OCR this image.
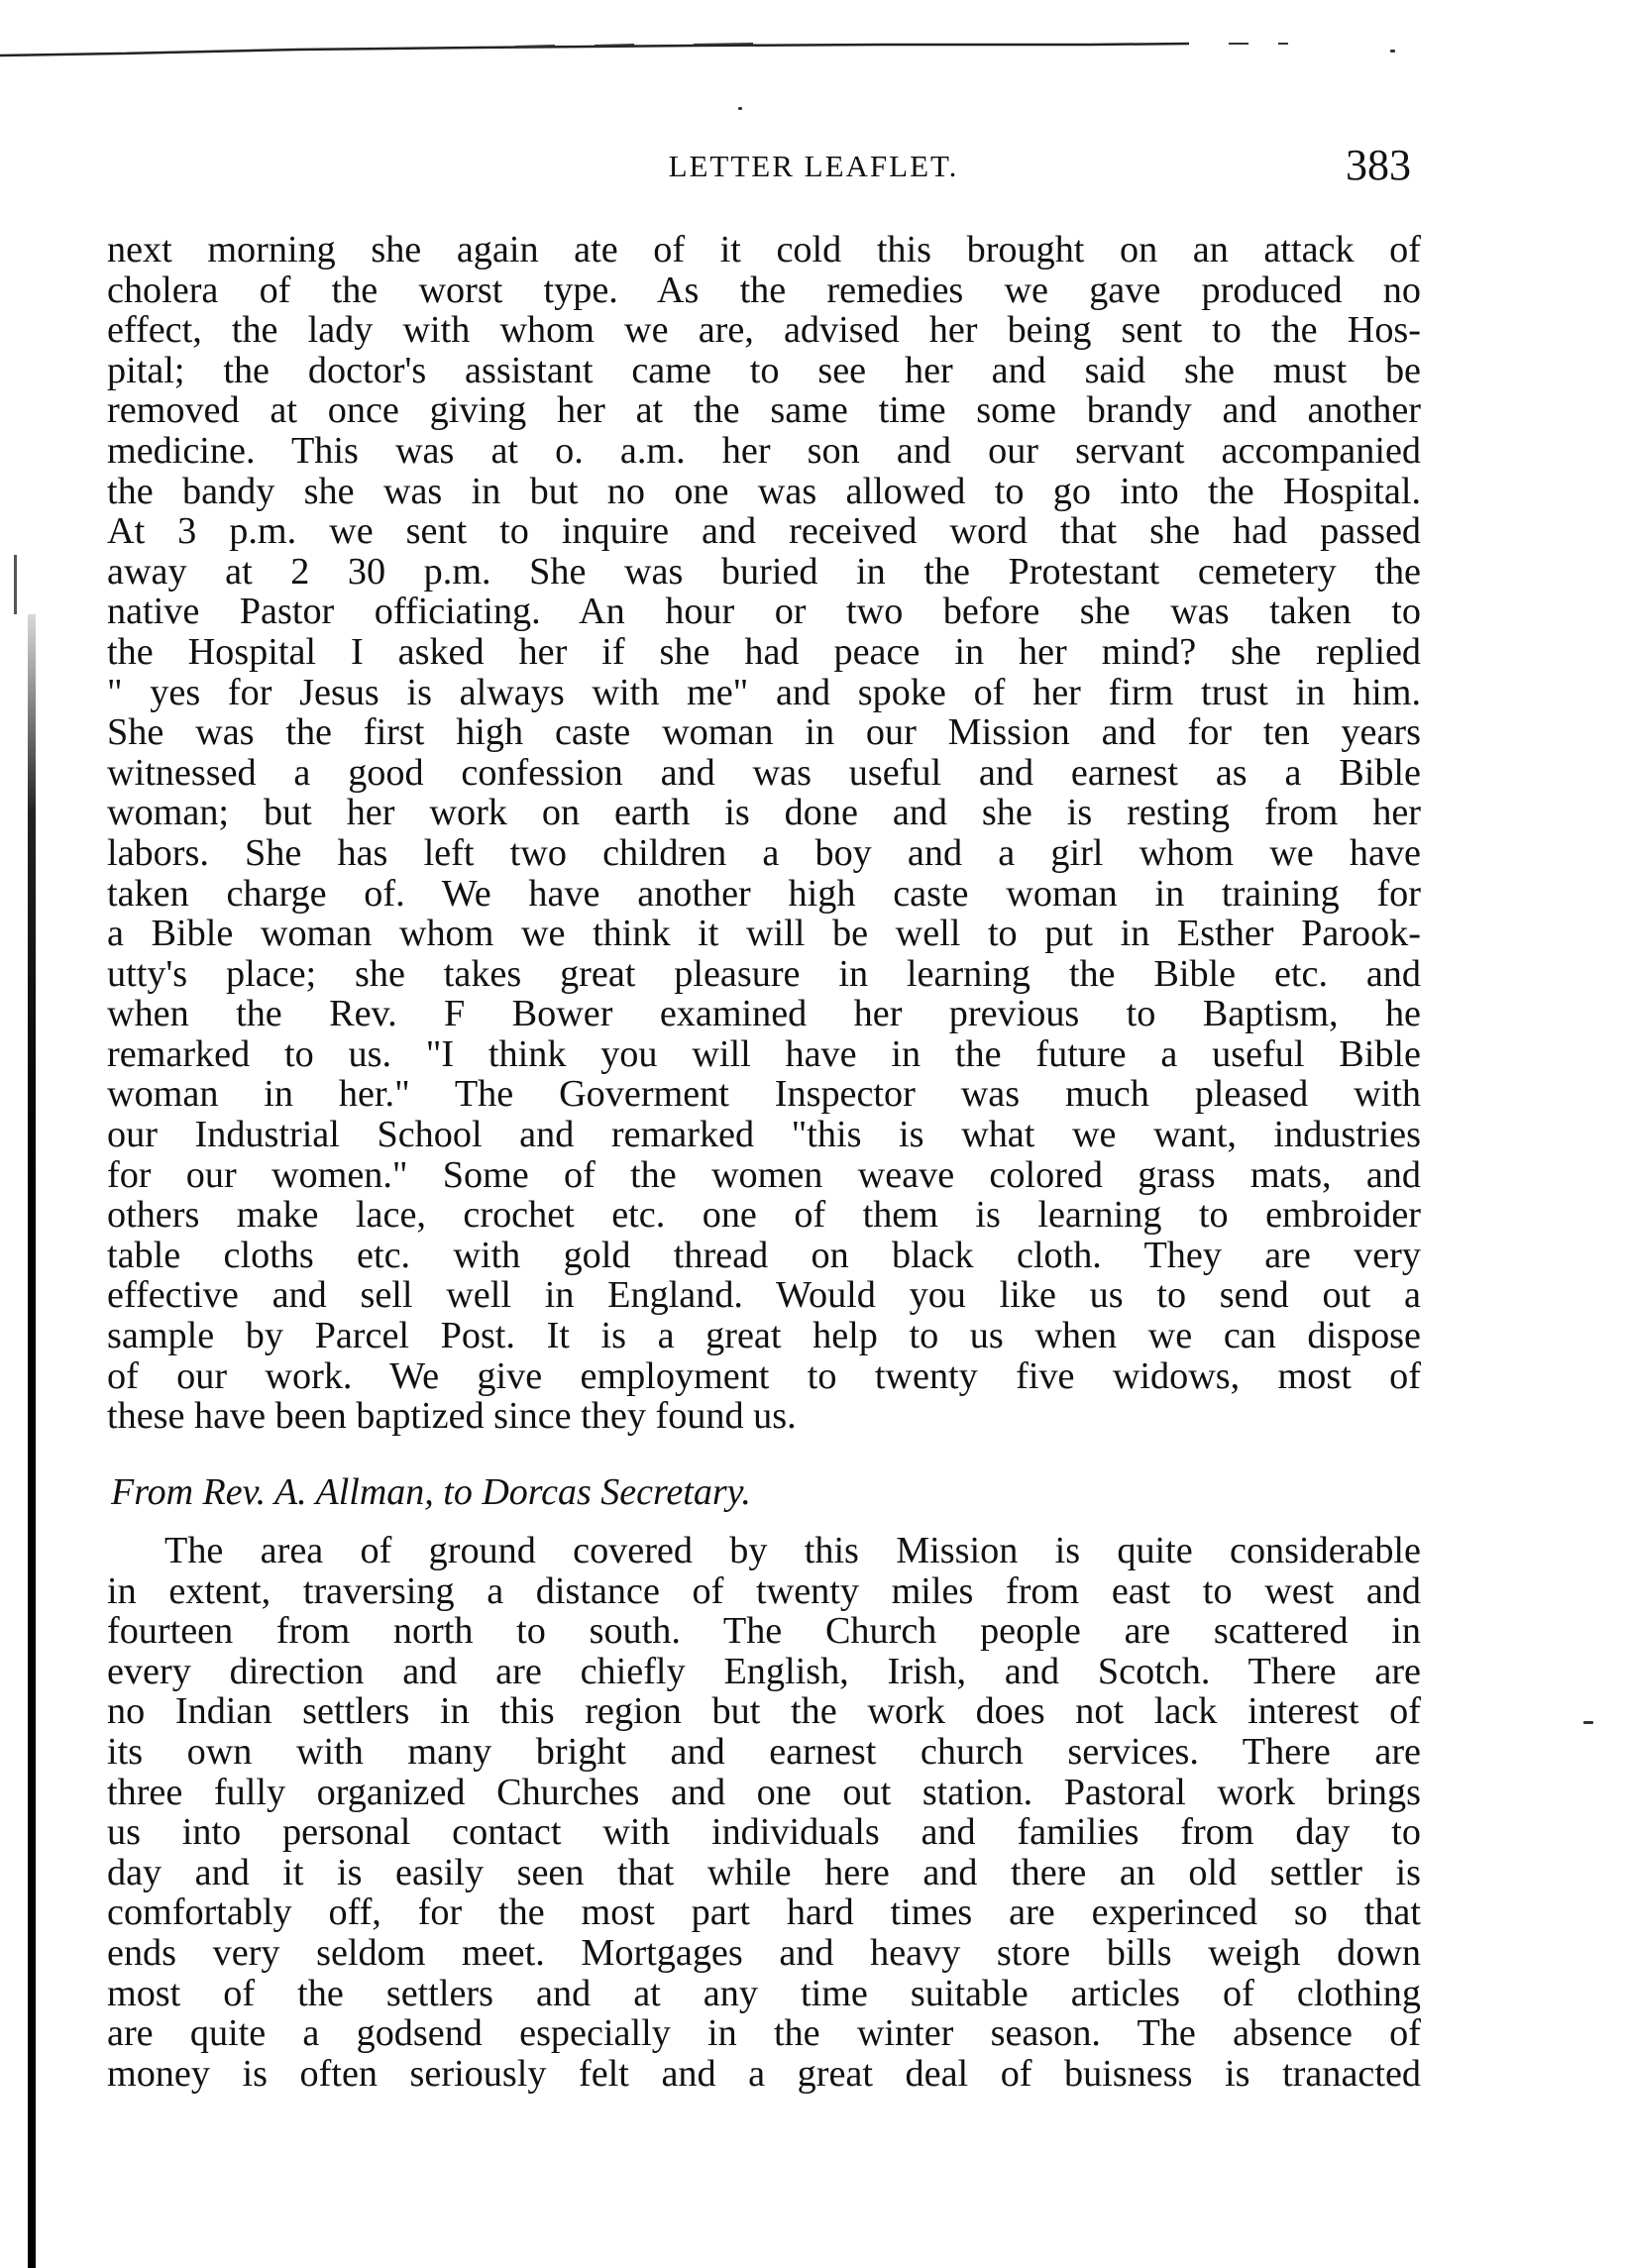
LETTER LEAFLET.	383
next morning she again ate of it cold this brought on an attack of
cholera of the worst type. As the remedies we gave produced no
effect, the lady with whom we are, advised her being sent to the Hos-
pital; the doctor's assistant came to see her and said she must be
removed at once giving her at the same time some brandy and another
medicine. This was at o. a.m. her son and our servant accompanied
the bandy she was in but no one was allowed to go into the Hospital.
At 3 p.m. we sent to inquire and received word that she had passed
away at 2 30 p.m. She was buried in the Protestant cemetery the
native Pastor officiating. An hour or two before she was taken to
the Hospital I asked her if she had peace in her mind? she replied
" yes for Jesus is always with me" and spoke of her firm trust in him.
She was the first high caste woman in our Mission and for ten years
witnessed a good confession and was useful and earnest as a Bible
woman; but her work on earth is done and she is resting from her
labors. She has left two children a boy and a girl whom we have
taken charge of. We have another high caste woman in training for
a Bible woman whom we think it will be well to put in Esther Parook-
utty's place; she takes great pleasure in learning the Bible etc. and
when the Rev. F Bower examined her previous to Baptism, he
remarked to us. "I think you will have in the future a useful Bible
woman in her." The Goverment Inspector was much pleased with
our Industrial School and remarked "this is what we want, industries
for our women." Some of the women weave colored grass mats, and
others make lace, crochet etc. one of them is learning to embroider
table cloths etc. with gold thread on black cloth. They are very
effective and sell well in England. Would you like us to send out a
sample by Parcel Post. It is a great help to us when we can dispose
of our work. We give employment to twenty five widows, most of
these have been baptized since they found us.
From Rev. A. Allman, to Dorcas Secretary.
The area of ground covered by this Mission is quite considerable
in extent, traversing a distance of twenty miles from east to west and
fourteen from north to south. The Church people are scattered in
every direction and are chiefly English, Irish, and Scotch. There are
no Indian settlers in this region but the work does not lack interest of
its own with many bright and earnest church services. There are
three fully organized Churches and one out station. Pastoral work brings
us into personal contact with individuals and families from day to
day and it is easily seen that while here and there an old settler is
comfortably off, for the most part hard times are experinced so that
ends very seldom meet. Mortgages and heavy store bills weigh down
most of the settlers and at any time suitable articles of clothing
are quite a godsend especially in the winter season. The absence of
money is often seriously felt and a great deal of buisness is tranacted
